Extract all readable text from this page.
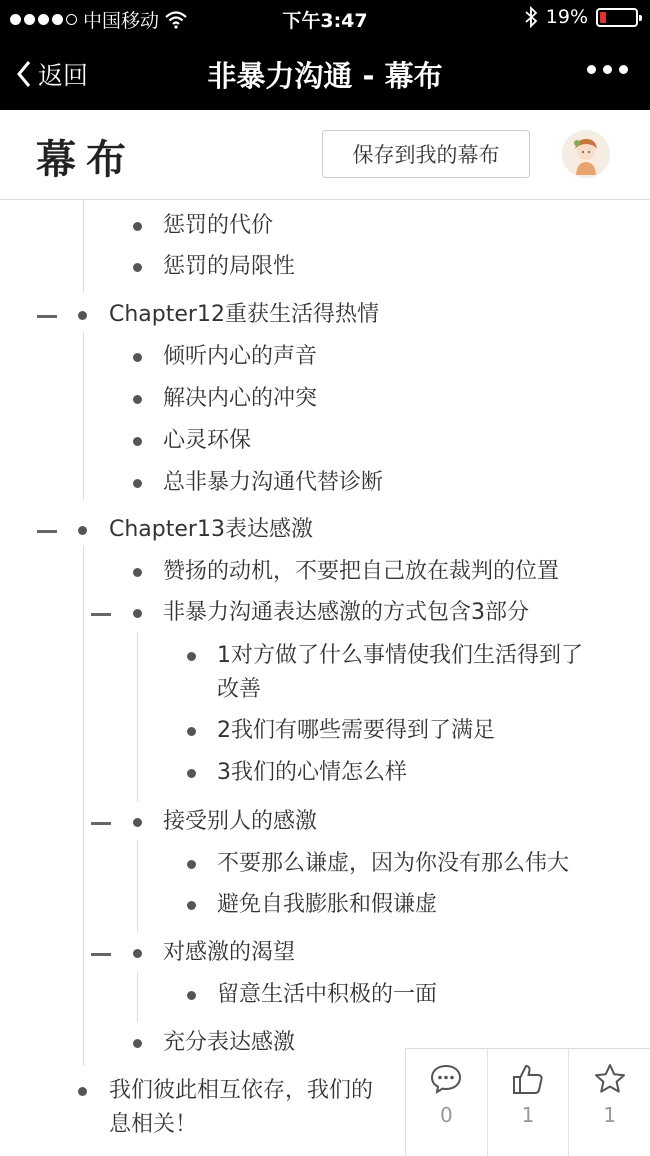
中国移动	下午3:47	19%
返回	非暴力沟通 - 幕布
幕布	保存到我的幕布
惩罚的代价
惩罚的局限性
Chapter12重获生活得热情
倾听内心的声音
解决内心的冲突
心灵环保
总非暴力沟通代替诊断
Chapter13表达感激
赞扬的动机，不要把自己放在裁判的位置
非暴力沟通表达感激的方式包含3部分
1对方做了什么事情使我们生活得到了
改善
2我们有哪些需要得到了满足
3我们的心情怎么样
接受别人的感激
不要那么谦虚，因为你没有那么伟大
避免自我膨胀和假谦虚
对感激的渴望
留意生活中积极的一面
充分表达感激
我们彼此相互依存，我们的
息相关！	0	1	1
